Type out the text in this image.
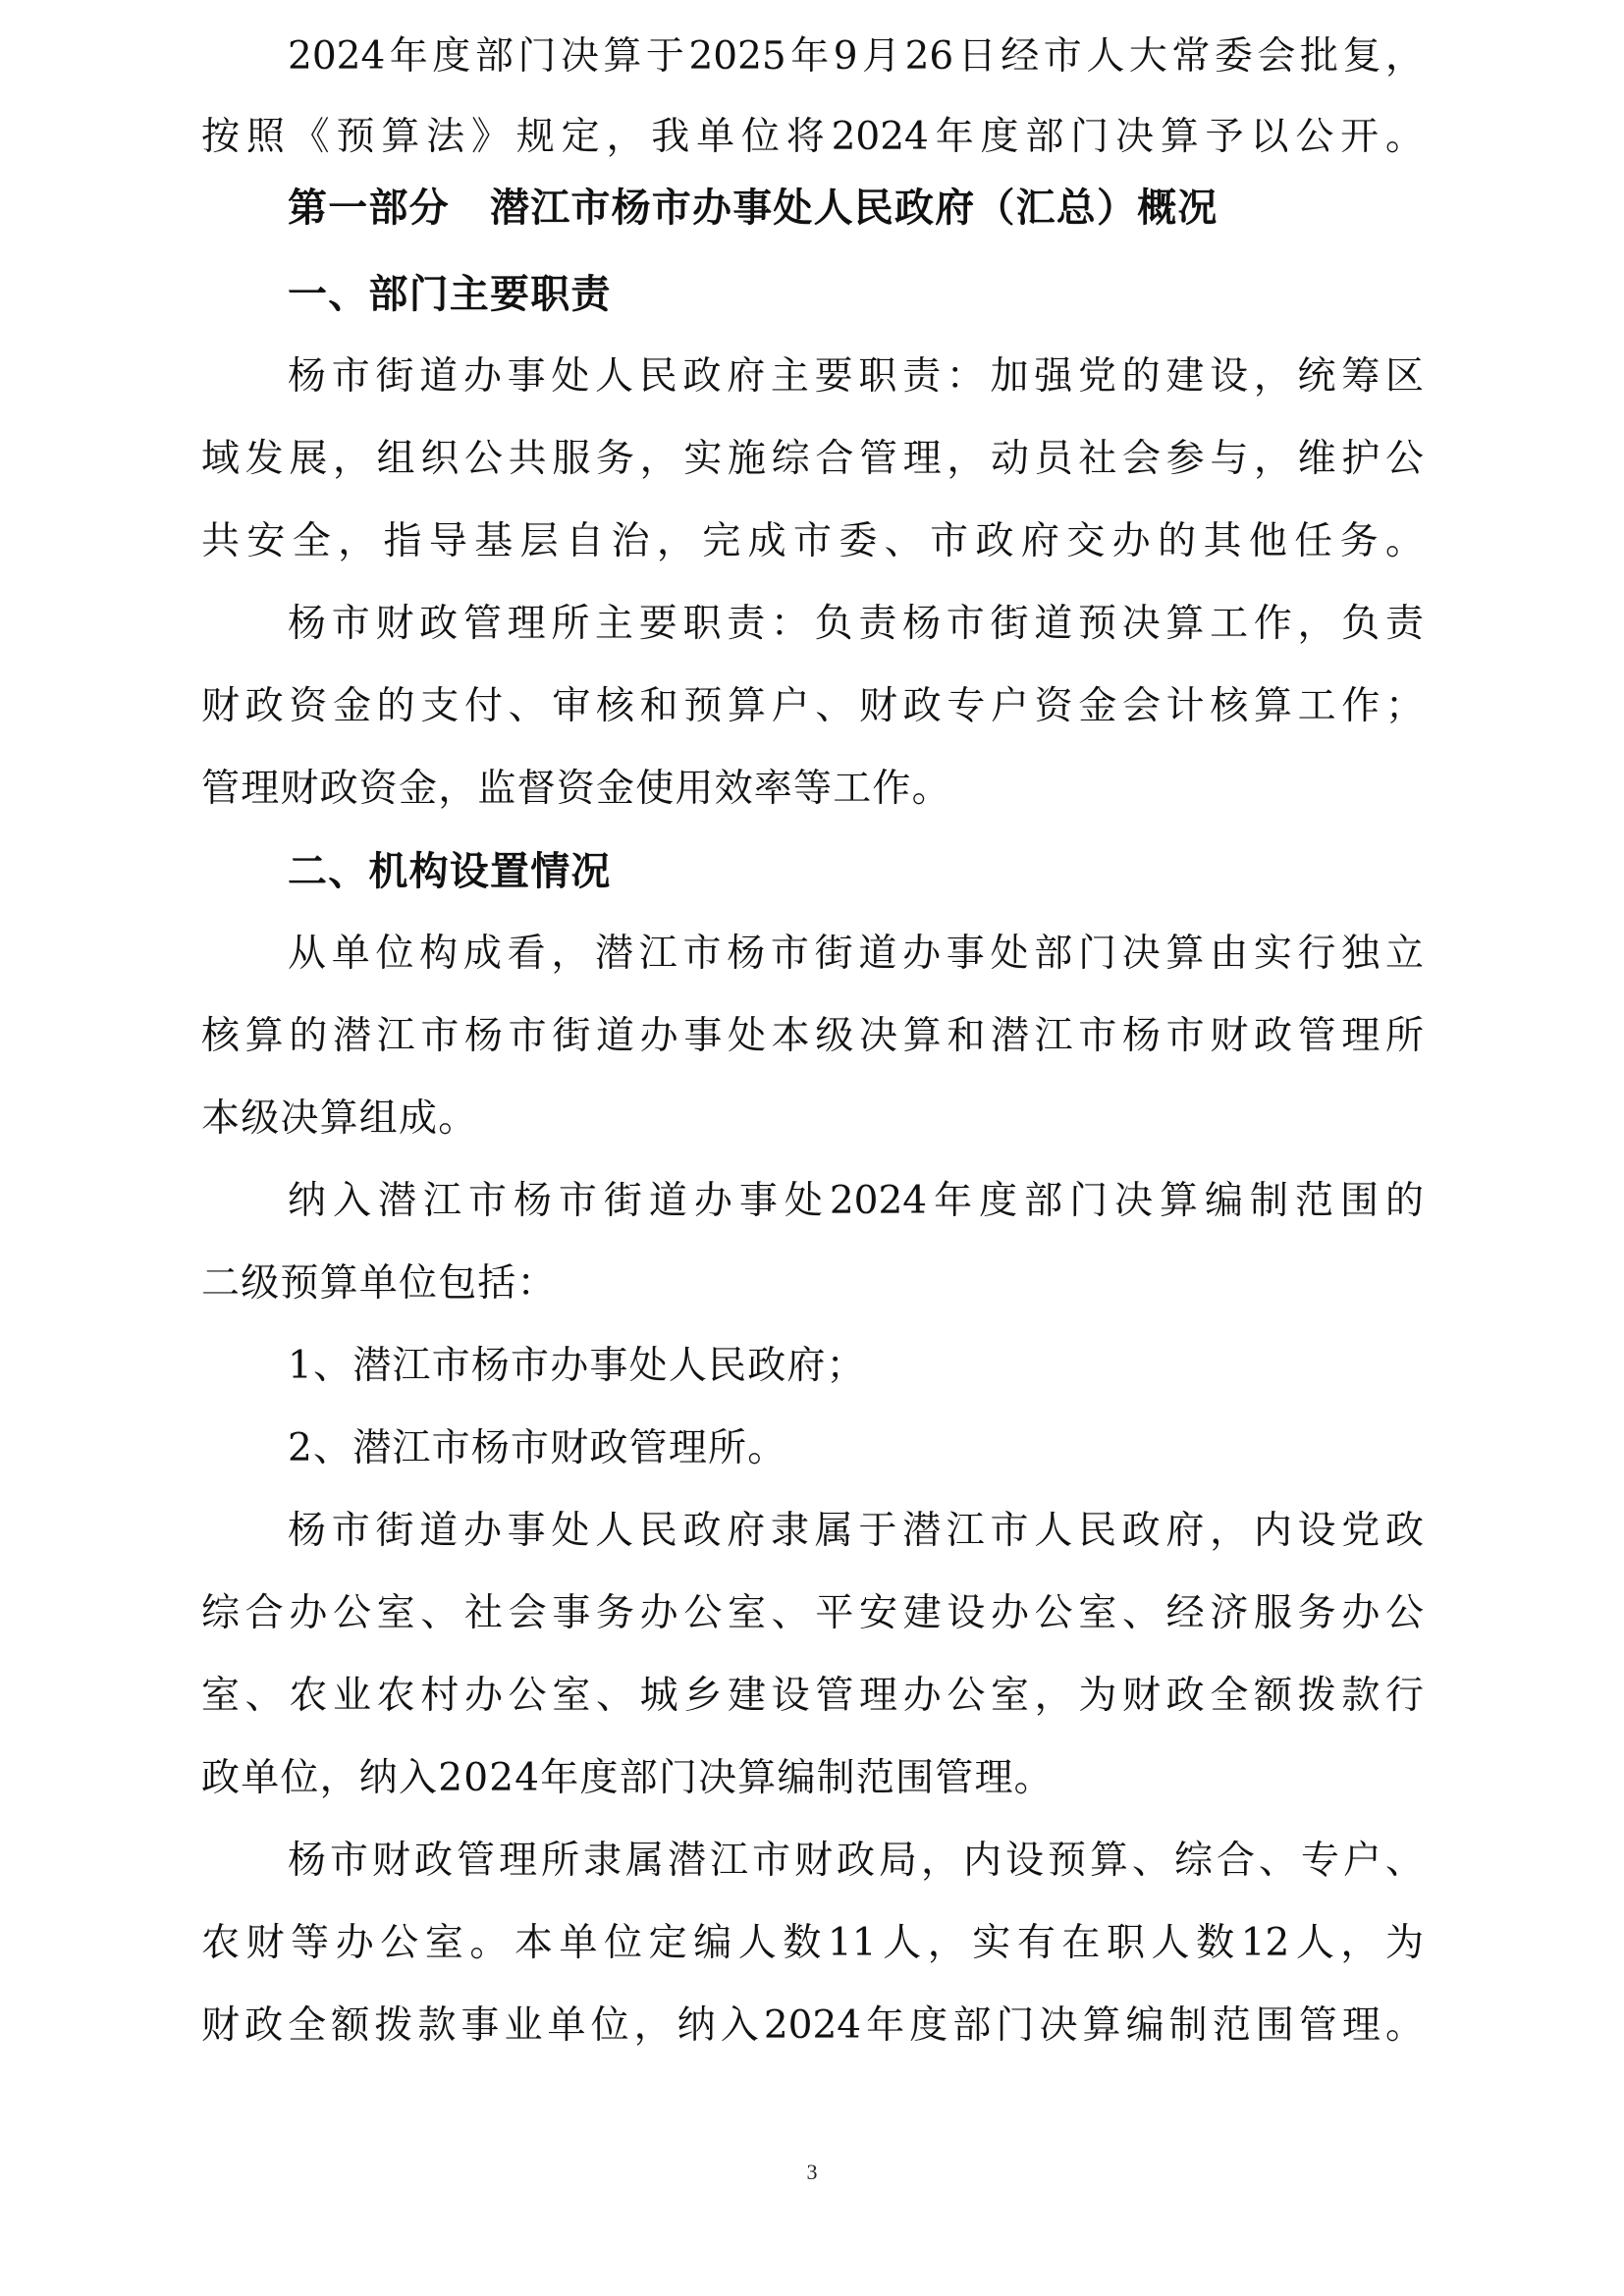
2024年度部门决算于2025年9月26日经市人大常委会批复，
按照《预算法》规定，我单位将2024年度部门决算予以公开。
第一部分　潜江市杨市办事处人民政府（汇总）概况
一、部门主要职责
杨市街道办事处人民政府主要职责：加强党的建设，统筹区
域发展，组织公共服务，实施综合管理，动员社会参与，维护公
共安全，指导基层自治，完成市委、市政府交办的其他任务。
杨市财政管理所主要职责：负责杨市街道预决算工作，负责
财政资金的支付、审核和预算户、财政专户资金会计核算工作；
管理财政资金，监督资金使用效率等工作。
二、机构设置情况
从单位构成看，潜江市杨市街道办事处部门决算由实行独立
核算的潜江市杨市街道办事处本级决算和潜江市杨市财政管理所
本级决算组成。
纳入潜江市杨市街道办事处2024年度部门决算编制范围的
二级预算单位包括：
1、潜江市杨市办事处人民政府；
2、潜江市杨市财政管理所。
杨市街道办事处人民政府隶属于潜江市人民政府，内设党政
综合办公室、社会事务办公室、平安建设办公室、经济服务办公
室、农业农村办公室、城乡建设管理办公室，为财政全额拨款行
政单位，纳入2024年度部门决算编制范围管理。
杨市财政管理所隶属潜江市财政局，内设预算、综合、专户、
农财等办公室。本单位定编人数11人，实有在职人数12人，为
财政全额拨款事业单位，纳入2024年度部门决算编制范围管理。
3
